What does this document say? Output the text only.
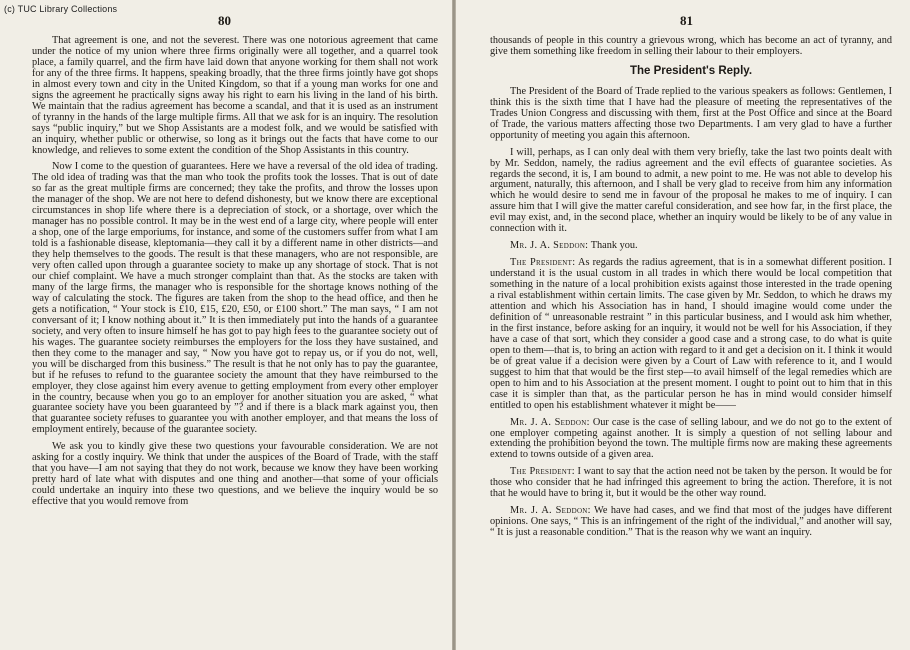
(c) TUC Library Collections
80

That agreement is one, and not the severest. There was one notorious agreement that came under the notice of my union where three firms originally were all together, and a quarrel took place, a family quarrel, and the firm have laid down that anyone working for them shall not work for any of the three firms. It happens, speaking broadly, that the three firms jointly have got shops in almost every town and city in the United Kingdom, so that if a young man works for one and signs the agreement he practically signs away his right to earn his living in the land of his birth. We maintain that the radius agreement has become a scandal, and that it is used as an instrument of tyranny in the hands of the large multiple firms. All that we ask for is an inquiry. The resolution says “public inquiry,” but we Shop Assistants are a modest folk, and we would be satisfied with an inquiry, whether public or otherwise, so long as it brings out the facts that have come to our knowledge, and relieves to some extent the condition of the Shop Assistants in this country.

Now I come to the question of guarantees. Here we have a reversal of the old idea of trading. The old idea of trading was that the man who took the profits took the losses. That is out of date so far as the great multiple firms are concerned; they take the profits, and throw the losses upon the manager of the shop. We are not here to defend dishonesty, but we know there are exceptional circumstances in shop life where there is a depreciation of stock, or a shortage, over which the manager has no possible control. It may be in the west end of a large city, where people will enter a shop, one of the large emporiums, for instance, and some of the customers suffer from what I am told is a fashionable disease, kleptomania—they call it by a different name in other districts—and they help themselves to the goods. The result is that these managers, who are not responsible, are very often called upon through a guarantee society to make up any shortage of stock. That is not our chief complaint. We have a much stronger complaint than that. As the stocks are taken with many of the large firms, the manager who is responsible for the shortage knows nothing of the way of calculating the stock. The figures are taken from the shop to the head office, and then he gets a notification, “ Your stock is £10, £15, £20, £50, or £100 short.” The man says, “ I am not conversant of it; I know nothing about it.” It is then immediately put into the hands of a guarantee society, and very often to insure himself he has got to pay high fees to the guarantee society out of his wages. The guarantee society reimburses the employers for the loss they have sustained, and then they come to the manager and say, “ Now you have got to repay us, or if you do not, well, you will be discharged from this business.” The result is that he not only has to pay the guarantee, but if he refuses to refund to the guarantee society the amount that they have reimbursed to the employer, they close against him every avenue to getting employment from every other employer in the country, because when you go to an employer for another situation you are asked, “ what guarantee society have you been guaranteed by ”? and if there is a black mark against you, then that guarantee society refuses to guarantee you with another employer, and that means the loss of employment entirely, because of the guarantee society.

We ask you to kindly give these two questions your favourable consideration. We are not asking for a costly inquiry. We think that under the auspices of the Board of Trade, with the staff that you have—I am not saying that they do not work, because we know they have been working pretty hard of late what with disputes and one thing and another—that some of your officials could undertake an inquiry into these two questions, and we believe the inquiry would be so effective that you would remove from

81

thousands of people in this country a grievous wrong, which has become an act of tyranny, and give them something like freedom in selling their labour to their employers.

The President's Reply.

The President of the Board of Trade replied to the various speakers as follows: Gentlemen, I think this is the sixth time that I have had the pleasure of meeting the representatives of the Trades Union Congress and discussing with them, first at the Post Office and since at the Board of Trade, the various matters affecting those two Departments. I am very glad to have a further opportunity of meeting you again this afternoon.

I will, perhaps, as I can only deal with them very briefly, take the last two points dealt with by Mr. Seddon, namely, the radius agreement and the evil effects of guarantee societies. As regards the second, it is, I am bound to admit, a new point to me. He was not able to develop his argument, naturally, this afternoon, and I shall be very glad to receive from him any information which he would desire to send me in favour of the proposal he makes to me of inquiry. I can assure him that I will give the matter careful consideration, and see how far, in the first place, the evil may exist, and, in the second place, whether an inquiry would be likely to be of any value in connection with it.

Mr. J. A. Seddon: Thank you.

The President: As regards the radius agreement, that is in a somewhat different position. I understand it is the usual custom in all trades in which there would be local competition that something in the nature of a local prohibition exists against those interested in the trade opening a rival establishment within certain limits. The case given by Mr. Seddon, to which he draws my attention and which his Association has in hand, I should imagine would come under the definition of “ unreasonable restraint ” in this particular business, and I would ask him whether, in the first instance, before asking for an inquiry, it would not be well for his Association, if they have a case of that sort, which they consider a good case and a strong case, to do what is quite open to them—that is, to bring an action with regard to it and get a decision on it. I think it would be of great value if a decision were given by a Court of Law with reference to it, and I would suggest to him that that would be the first step—to avail himself of the legal remedies which are open to him and to his Association at the present moment. I ought to point out to him that in this case it is simpler than that, as the particular person he has in mind would consider himself entitled to open his establishment whatever it might be——

Mr. J. A. Seddon: Our case is the case of selling labour, and we do not go to the extent of one employer competing against another. It is simply a question of not selling labour and extending the prohibition beyond the town. The multiple firms now are making these agreements extend to towns outside of a given area.

The President: I want to say that the action need not be taken by the person. It would be for those who consider that he had infringed this agreement to bring the action. Therefore, it is not that he would have to bring it, but it would be the other way round.

Mr. J. A. Seddon: We have had cases, and we find that most of the judges have different opinions. One says, “ This is an infringement of the right of the individual,” and another will say, “ It is just a reasonable condition.” That is the reason why we want an inquiry.
